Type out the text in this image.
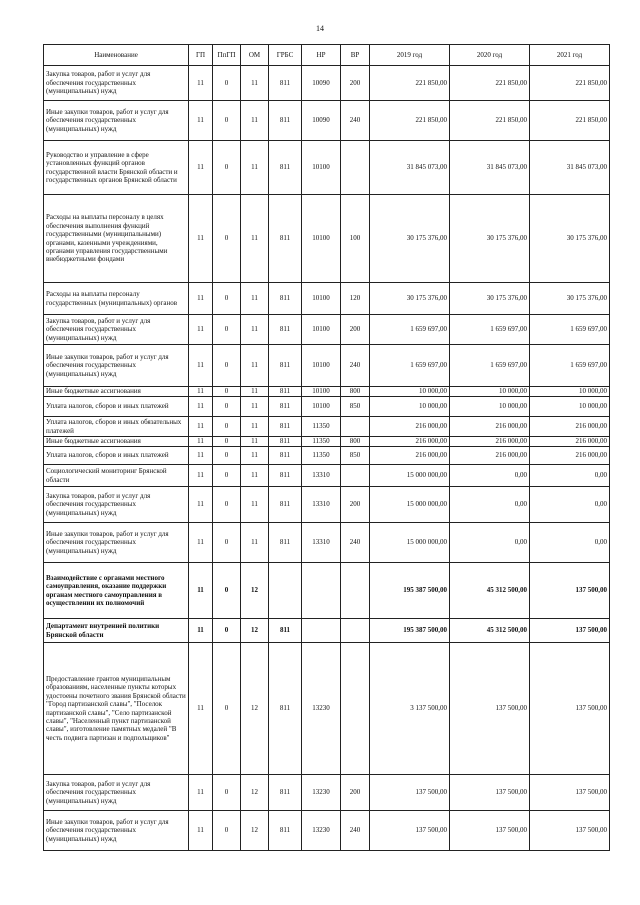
14
Наименование	ГП	ПпГП	ОМ	ГРБС	НР	ВР	2019 год	2020 год	2021 год
Закупка товаров, работ и услуг для обеспечения государственных (муниципальных) нужд	11	0	11	811	10090	200	221 850,00	221 850,00	221 850,00
Иные закупки товаров, работ и услуг для обеспечения государственных (муниципальных) нужд	11	0	11	811	10090	240	221 850,00	221 850,00	221 850,00
Руководство и управление в сфере установленных функций органов государственной власти Брянской области и государственных органов Брянской области	11	0	11	811	10100		31 845 073,00	31 845 073,00	31 845 073,00
Расходы на выплаты персоналу в целях обеспечения выполнения функций государственными (муниципальными) органами, казенными учреждениями, органами управления государственными внебюджетными фондами	11	0	11	811	10100	100	30 175 376,00	30 175 376,00	30 175 376,00
Расходы на выплаты персоналу государственных (муниципальных) органов	11	0	11	811	10100	120	30 175 376,00	30 175 376,00	30 175 376,00
Закупка товаров, работ и услуг для обеспечения государственных (муниципальных) нужд	11	0	11	811	10100	200	1 659 697,00	1 659 697,00	1 659 697,00
Иные закупки товаров, работ и услуг для обеспечения государственных (муниципальных) нужд	11	0	11	811	10100	240	1 659 697,00	1 659 697,00	1 659 697,00
Иные бюджетные ассигнования	11	0	11	811	10100	800	10 000,00	10 000,00	10 000,00
Уплата налогов, сборов и иных платежей	11	0	11	811	10100	850	10 000,00	10 000,00	10 000,00
Уплата налогов, сборов и иных обязательных платежей	11	0	11	811	11350		216 000,00	216 000,00	216 000,00
Иные бюджетные ассигнования	11	0	11	811	11350	800	216 000,00	216 000,00	216 000,00
Уплата налогов, сборов и иных платежей	11	0	11	811	11350	850	216 000,00	216 000,00	216 000,00
Социологический мониторинг Брянской области	11	0	11	811	13310		15 000 000,00	0,00	0,00
Закупка товаров, работ и услуг для обеспечения государственных (муниципальных) нужд	11	0	11	811	13310	200	15 000 000,00	0,00	0,00
Иные закупки товаров, работ и услуг для обеспечения государственных (муниципальных) нужд	11	0	11	811	13310	240	15 000 000,00	0,00	0,00
Взаимодействие с органами местного самоуправления, оказание поддержки органам местного самоуправления в осуществлении их полномочий	11	0	12				195 387 500,00	45 312 500,00	137 500,00
Департамент внутренней политики Брянской области	11	0	12	811			195 387 500,00	45 312 500,00	137 500,00
Предоставление грантов муниципальным образованиям, населенные пункты которых удостоены почетного звания Брянской области "Город партизанской славы", "Поселок партизанской славы", "Село партизанской славы", "Населенный пункт партизанской славы", изготовление памятных медалей "В честь подвига партизан и подпольщиков"	11	0	12	811	13230		3 137 500,00	137 500,00	137 500,00
Закупка товаров, работ и услуг для обеспечения государственных (муниципальных) нужд	11	0	12	811	13230	200	137 500,00	137 500,00	137 500,00
Иные закупки товаров, работ и услуг для обеспечения государственных (муниципальных) нужд	11	0	12	811	13230	240	137 500,00	137 500,00	137 500,00
